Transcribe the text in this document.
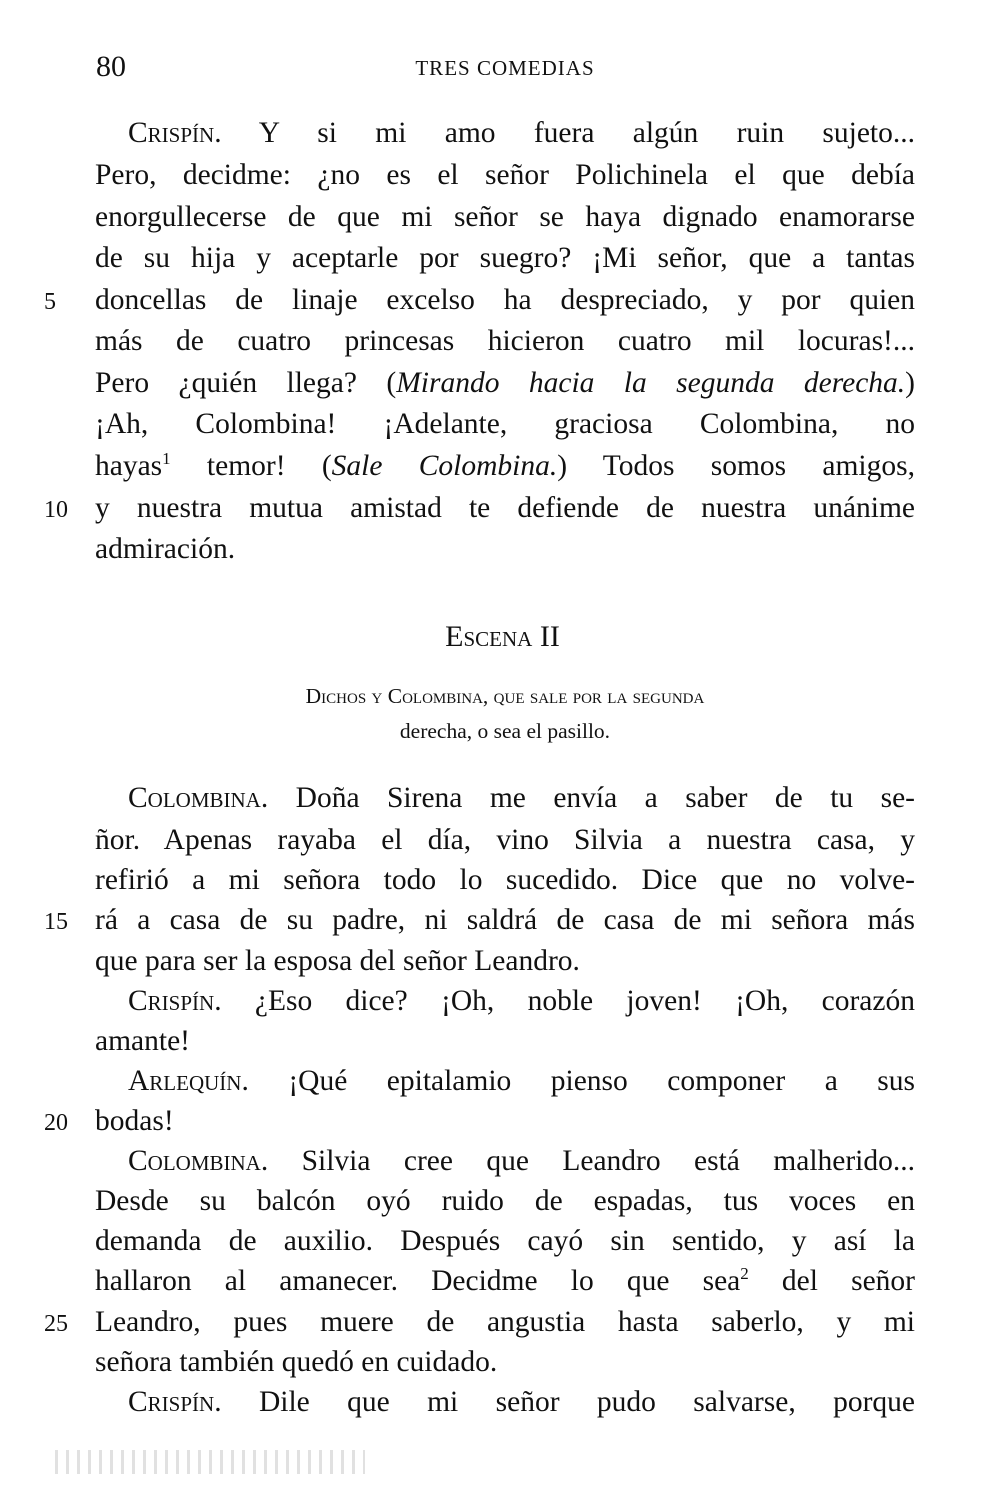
80	TRES COMEDIAS
Escena II
Dichos y Colombina, que sale por la segunda
derecha, o sea el pasillo.
Crispín. Y si mi amo fuera algún ruin sujeto...
Pero, decidme: ¿no es el señor Polichinela el que debía
enorgullecerse de que mi señor se haya dignado enamorarse
de su hija y aceptarle por suegro? ¡Mi señor, que a tantas
doncellas de linaje excelso ha despreciado, y por quien
5
más de cuatro princesas hicieron cuatro mil locuras!...
Pero ¿quién llega? (Mirando hacia la segunda derecha.)
¡Ah, Colombina! ¡Adelante, graciosa Colombina, no
hayas$^1$ temor! (Sale Colombina.) Todos somos amigos,
y nuestra mutua amistad te defiende de nuestra unánime
10
admiración.
Colombina. Doña Sirena me envía a saber de tu se-
ñor. Apenas rayaba el día, vino Silvia a nuestra casa, y
refirió a mi señora todo lo sucedido. Dice que no volve-
rá a casa de su padre, ni saldrá de casa de mi señora más
15
que para ser la esposa del señor Leandro.
Crispín. ¿Eso dice? ¡Oh, noble joven! ¡Oh, corazón
amante!
Arlequín. ¡Qué epitalamio pienso componer a sus
bodas!
20
Colombina. Silvia cree que Leandro está malherido...
Desde su balcón oyó ruido de espadas, tus voces en
demanda de auxilio. Después cayó sin sentido, y así la
hallaron al amanecer. Decidme lo que sea$^2$ del señor
Leandro, pues muere de angustia hasta saberlo, y mi
25
señora también quedó en cuidado.
Crispín. Dile que mi señor pudo salvarse, porque
